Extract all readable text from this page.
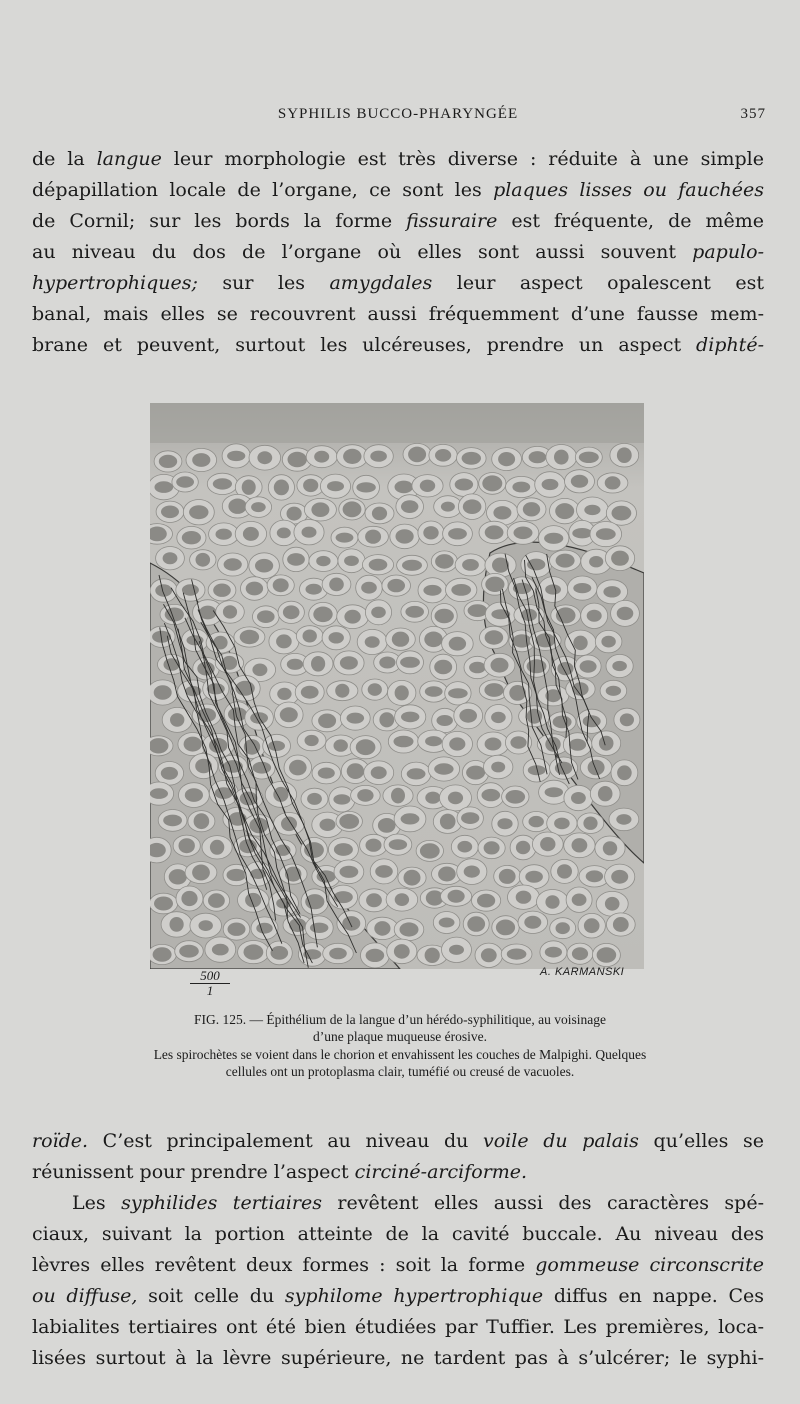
SYPHILIS BUCCO-PHARYNGÉE	357
de la langue leur morphologie est très diverse : réduite à une simple
dépapillation locale de l’organe, ce sont les plaques lisses ou fauchées
de Cornil; sur les bords la forme fissuraire est fréquente, de même
au niveau du dos de l’organe où elles sont aussi souvent papulo-
hypertrophiques; sur les amygdales leur aspect opalescent est
banal, mais elles se recouvrent aussi fréquemment d’une fausse mem-
brane et peuvent, surtout les ulcéreuses, prendre un aspect diphté-
$\frac{500}{1}$	A. KARMANSKI
FIG. 125. — Épithélium de la langue d’un hérédo-syphilitique, au voisinage
d’une plaque muqueuse érosive.
Les spirochètes se voient dans le chorion et envahissent les couches de Malpighi. Quelques
cellules ont un protoplasma clair, tuméfié ou creusé de vacuoles.
roïde. C’est principalement au niveau du voile du palais qu’elles se
réunissent pour prendre l’aspect circiné-arciforme.
Les syphilides tertiaires revêtent elles aussi des caractères spé-
ciaux, suivant la portion atteinte de la cavité buccale. Au niveau des
lèvres elles revêtent deux formes : soit la forme gommeuse circonscrite
ou diffuse, soit celle du syphilome hypertrophique diffus en nappe. Ces
labialites tertiaires ont été bien étudiées par Tuffier. Les premières, loca-
lisées surtout à la lèvre supérieure, ne tardent pas à s’ulcérer; le syphi-
